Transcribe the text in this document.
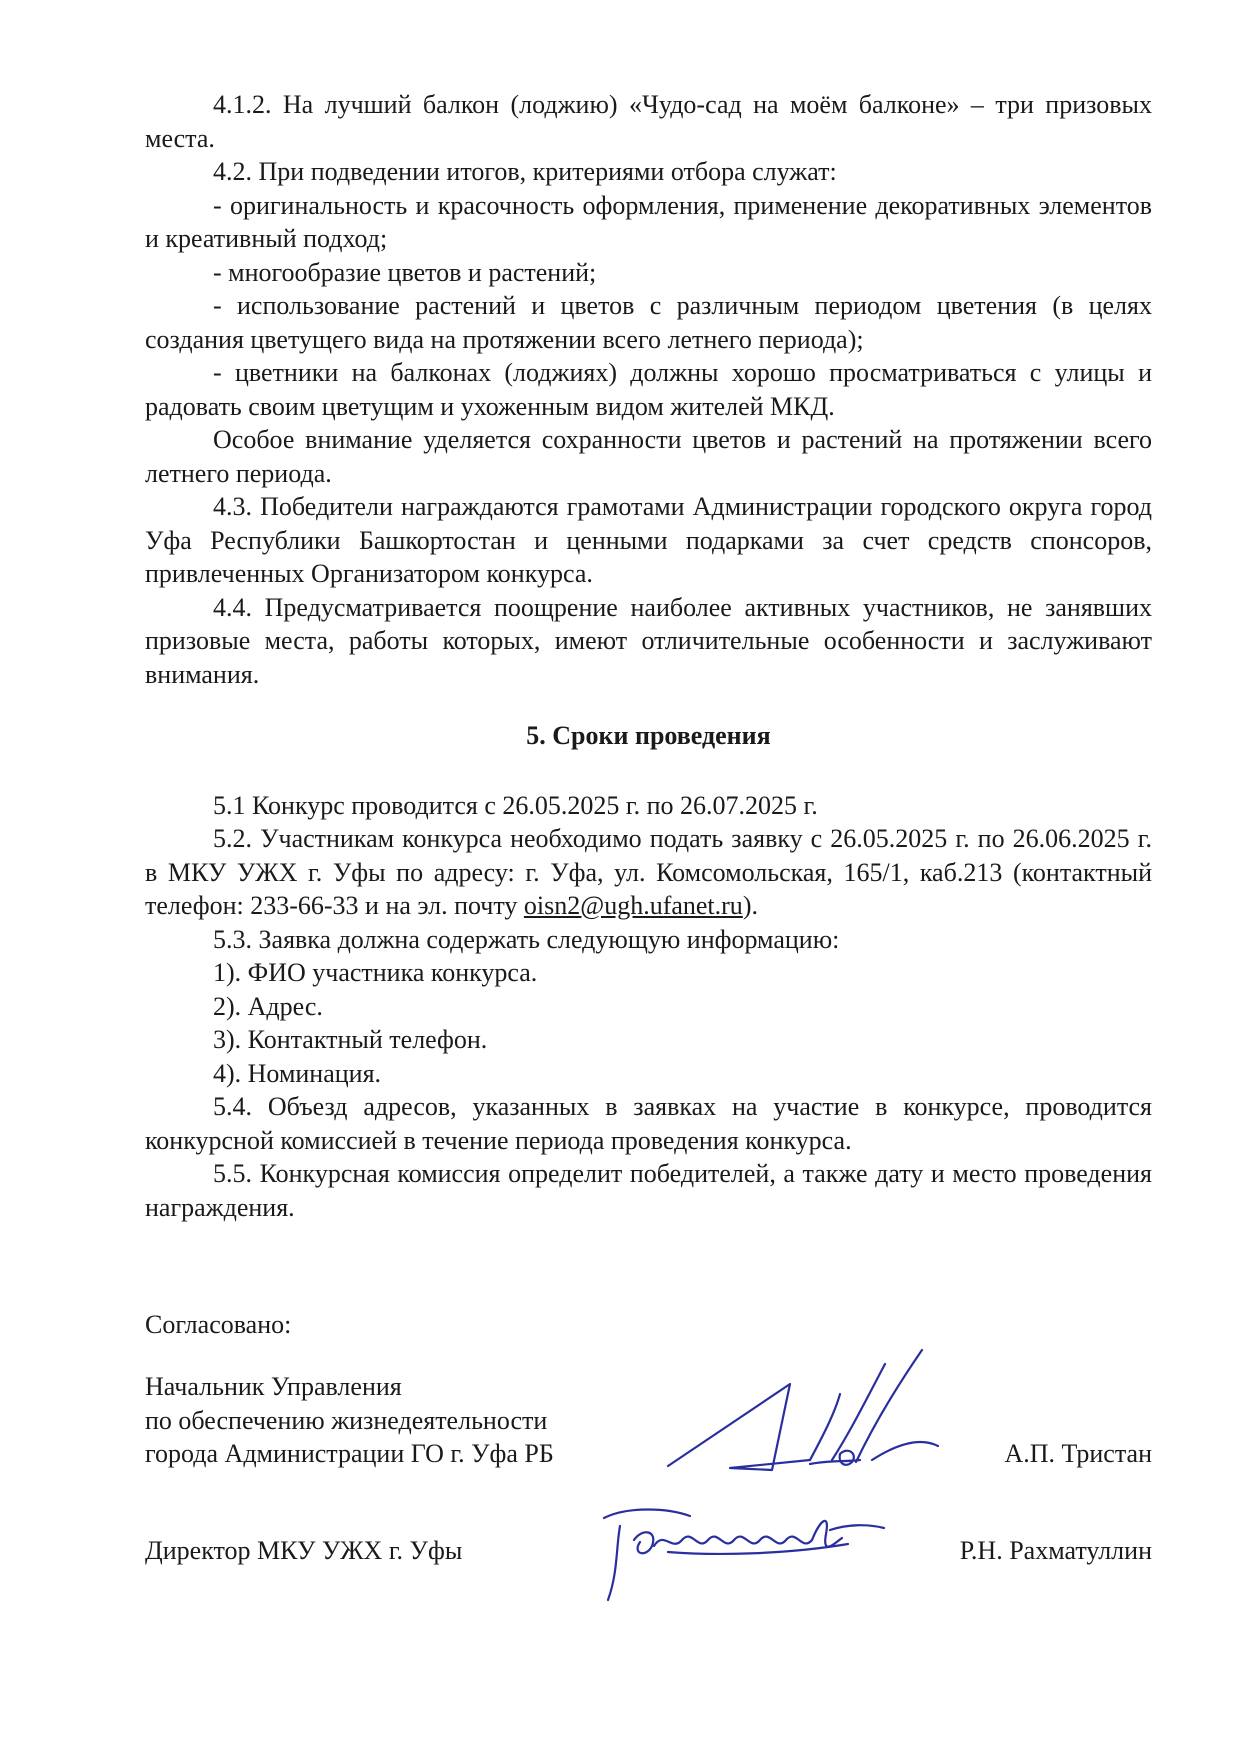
4.1.2. На лучший балкон (лоджию) «Чудо-сад на моём балконе» – три призовых места.

4.2. При подведении итогов, критериями отбора служат:

- оригинальность и красочность оформления, применение декоративных элементов и креативный подход;

- многообразие цветов и растений;

- использование растений и цветов с различным периодом цветения (в целях создания цветущего вида на протяжении всего летнего периода);

- цветники на балконах (лоджиях) должны хорошо просматриваться с улицы и радовать своим цветущим и ухоженным видом жителей МКД.

Особое внимание уделяется сохранности цветов и растений на протяжении всего летнего периода.

4.3. Победители награждаются грамотами Администрации городского округа город Уфа Республики Башкортостан и ценными подарками за счет средств спонсоров, привлеченных Организатором конкурса.

4.4. Предусматривается поощрение наиболее активных участников, не занявших призовые места, работы которых, имеют отличительные особенности и заслуживают внимания.

5. Сроки проведения

5.1 Конкурс проводится с 26.05.2025 г. по 26.07.2025 г.

5.2. Участникам конкурса необходимо подать заявку с 26.05.2025 г. по 26.06.2025 г. в МКУ УЖХ г. Уфы по адресу: г. Уфа, ул. Комсомольская, 165/1, каб.213 (контактный телефон: 233-66-33 и на эл. почту oisn2@ugh.ufanet.ru).

5.3. Заявка должна содержать следующую информацию:

1). ФИО участника конкурса.

2). Адрес.

3). Контактный телефон.

4). Номинация.

5.4. Объезд адресов, указанных в заявках на участие в конкурсе, проводится конкурсной комиссией в течение периода проведения конкурса.

5.5. Конкурсная комиссия определит победителей, а также дату и место проведения награждения.

Согласовано:

Начальник Управления
по обеспечению жизнедеятельности
города Администрации ГО г. Уфа РБ	А.П. Тристан
Директор МКУ УЖХ г. Уфы	Р.Н. Рахматуллин
